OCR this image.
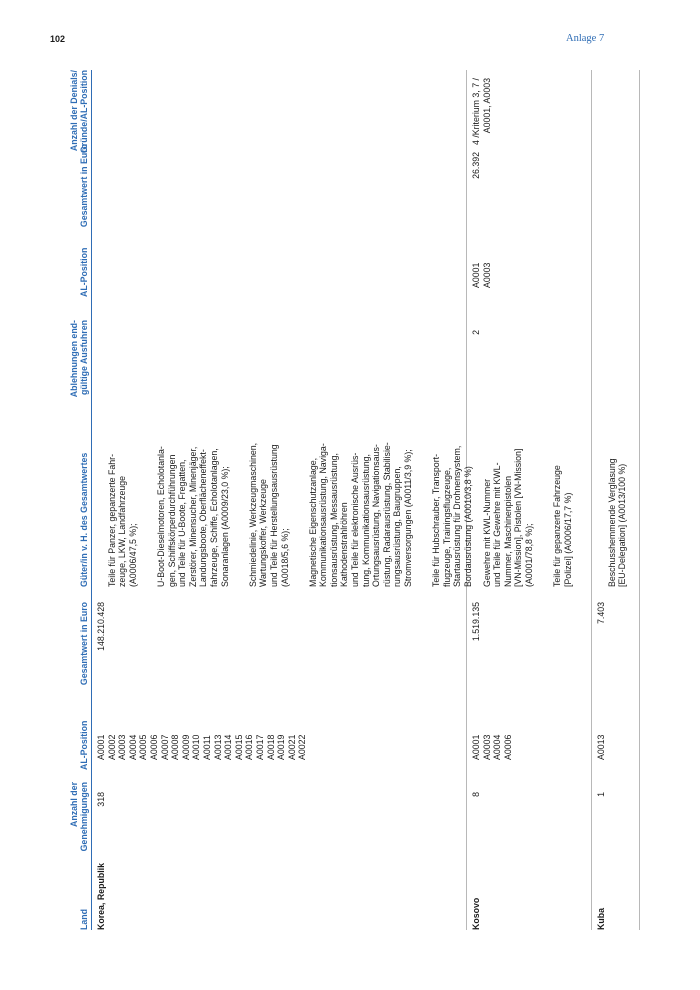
102	Anlage 7
Land
Anzahl der Genehmigungen
AL-Position
Gesamtwert in Euro
Güter/in v. H. des Gesamtwertes
Ablehnungen end- gültige Ausfuhren
AL-Position
Gesamtwert in Euro
Anzahl der Denials/ Gründe/AL-Position
Korea, Republik
318
A0001
A0002
A0003
A0004
A0005
A0006
A0007
A0008
A0009
A0010
A0011
A0013
A0014
A0015
A0016
A0017
A0018
A0019
A0021
A0022
148.210.428

Teile für Panzer, gepanzerte Fahr-
zeuge, LKW, Landfahrzeuge
(A0006/47,5 %); U-Boot-Dieselmotoren, Echolotanla-
gen, Schiffskörperdurchführungen
und Teile für U-Boote, Fregatten,
Zerstörer, Minensucher, Minenjäger,
Landungsboote, Oberflächeneffekt-
fahrzeuge, Schiffe, Echolotanlagen,
Sonaranlagen (A0009/23,0 %);

Schmiedelinie, Werkzeugmaschinen,
Wartungskoffer, Werkzeuge
und Teile für Herstellungsausrüstung
(A0018/5,6 %);

Magnetische Eigenschutzanlage,
Kommunikationsausrüstung, Naviga-
tionsausrüstung, Messausrüstung,
Kathodenstrahlröhren
und Teile für elektronische Ausrüs-
tung, Kommunikationsausrüstung,
Ortungsausrüstung, Navigationsaus-
rüstung, Radarausrüstung, Stabilisie-
rungsausrüstung, Baugruppen,
Stromversorgungen (A0011/3,9 %);

Teile für Hubschrauber, Transport-
flugzeuge, Trainingsflugzeuge,
Startausrüstung für Drohnensystem,
Bordausrüstung (A0010/3,8 %)

Kosovo
8
A0001
A0003
A0004
A0006
1.519.135

Gewehre mit KWL-Nummer
und Teile für Gewehre mit KWL-
Nummer, Maschinenpistolen
[VN-Mission], Pistolen [VN-Mission]
(A0001/78,8 %);

Teile für gepanzerte Fahrzeuge
[Polizei] (A0006/17,7 %)

2
A0001
A0003
26.392
4 /Kriterium 3, 7 /
A0001, A0003
Kuba
1
A0013
7.403

Beschusshemmende Verglasung
[EU-Delegation] (A0013/100 %)
